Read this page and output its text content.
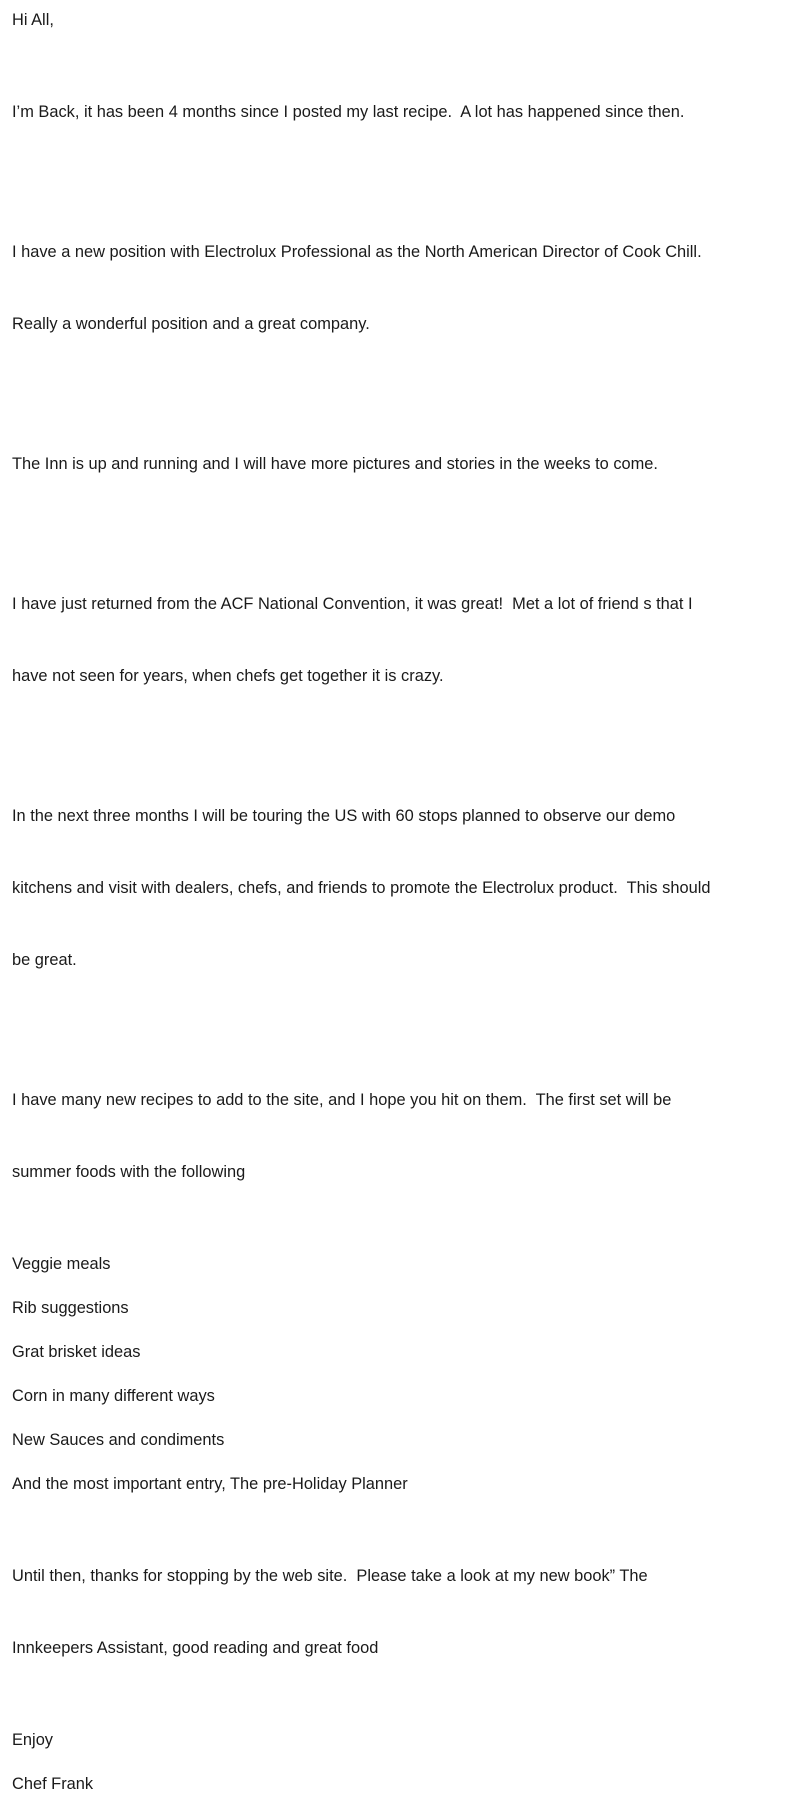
Hi All,

I’m Back, it has been 4 months since I posted my last recipe.  A lot has happened since then.

I have a new position with Electrolux Professional as the North American Director of Cook Chill.

Really a wonderful position and a great company.

The Inn is up and running and I will have more pictures and stories in the weeks to come.

I have just returned from the ACF National Convention, it was great!  Met a lot of friend s that I

have not seen for years, when chefs get together it is crazy.

In the next three months I will be touring the US with 60 stops planned to observe our demo

kitchens and visit with dealers, chefs, and friends to promote the Electrolux product.  This should

be great.

I have many new recipes to add to the site, and I hope you hit on them.  The first set will be

summer foods with the following

Veggie meals

Rib suggestions

Grat brisket ideas

Corn in many different ways

New Sauces and condiments

And the most important entry, The pre-Holiday Planner

Until then, thanks for stopping by the web site.  Please take a look at my new book” The

Innkeepers Assistant, good reading and great food

Enjoy

Chef Frank
